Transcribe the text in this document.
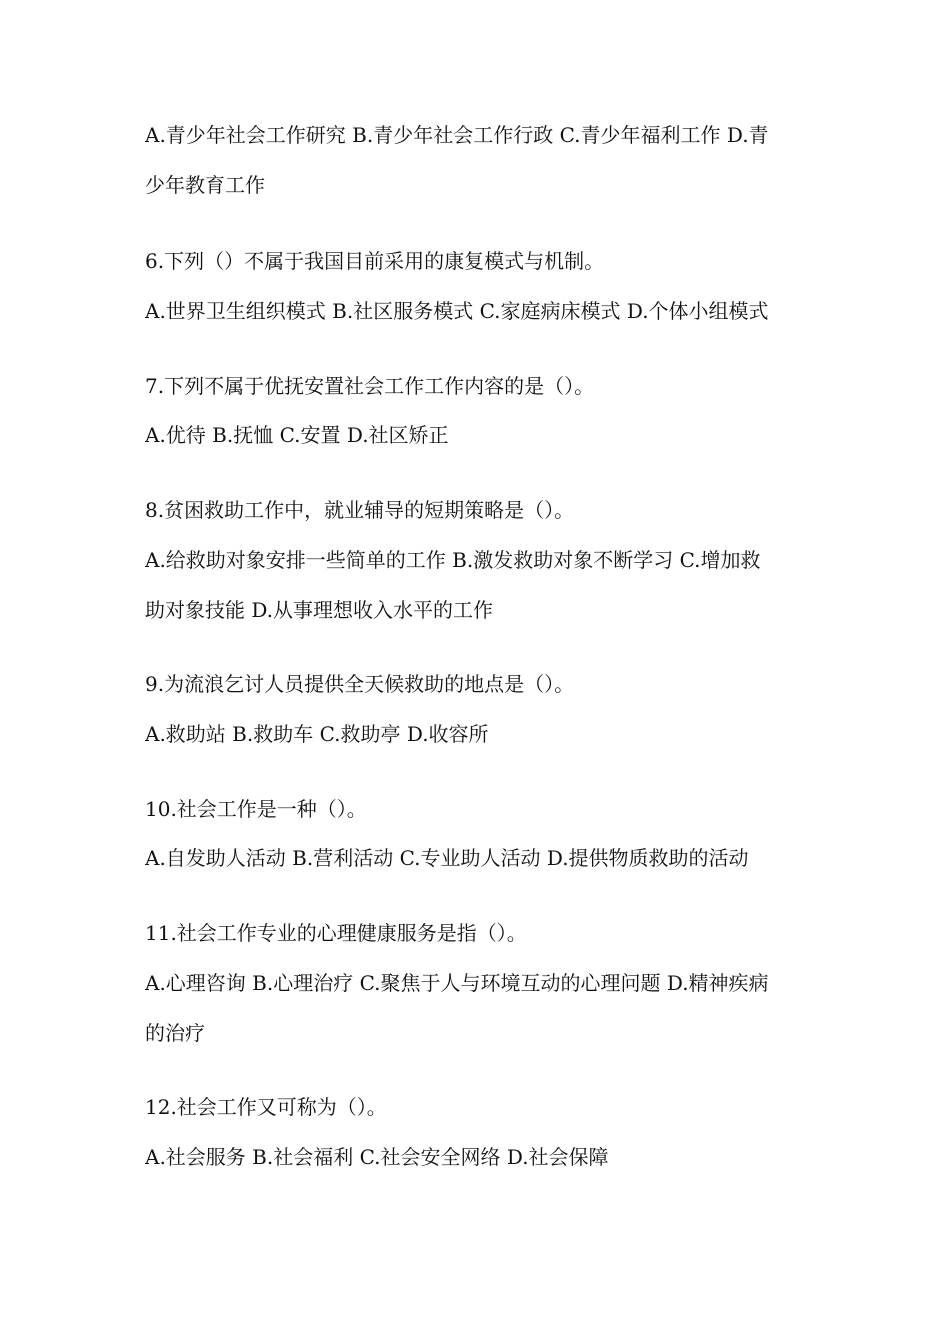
A.青少年社会工作研究 B.青少年社会工作行政 C.青少年福利工作 D.青
少年教育工作
6.下列（）不属于我国目前采用的康复模式与机制。
A.世界卫生组织模式 B.社区服务模式 C.家庭病床模式 D.个体小组模式
7.下列不属于优抚安置社会工作工作内容的是（）。
A.优待 B.抚恤 C.安置 D.社区矫正
8.贫困救助工作中，就业辅导的短期策略是（）。
A.给救助对象安排一些简单的工作 B.激发救助对象不断学习 C.增加救
助对象技能 D.从事理想收入水平的工作
9.为流浪乞讨人员提供全天候救助的地点是（）。
A.救助站 B.救助车 C.救助亭 D.收容所
10.社会工作是一种（）。
A.自发助人活动 B.营利活动 C.专业助人活动 D.提供物质救助的活动
11.社会工作专业的心理健康服务是指（）。
A.心理咨询 B.心理治疗 C.聚焦于人与环境互动的心理问题 D.精神疾病
的治疗
12.社会工作又可称为（）。
A.社会服务 B.社会福利 C.社会安全网络 D.社会保障
